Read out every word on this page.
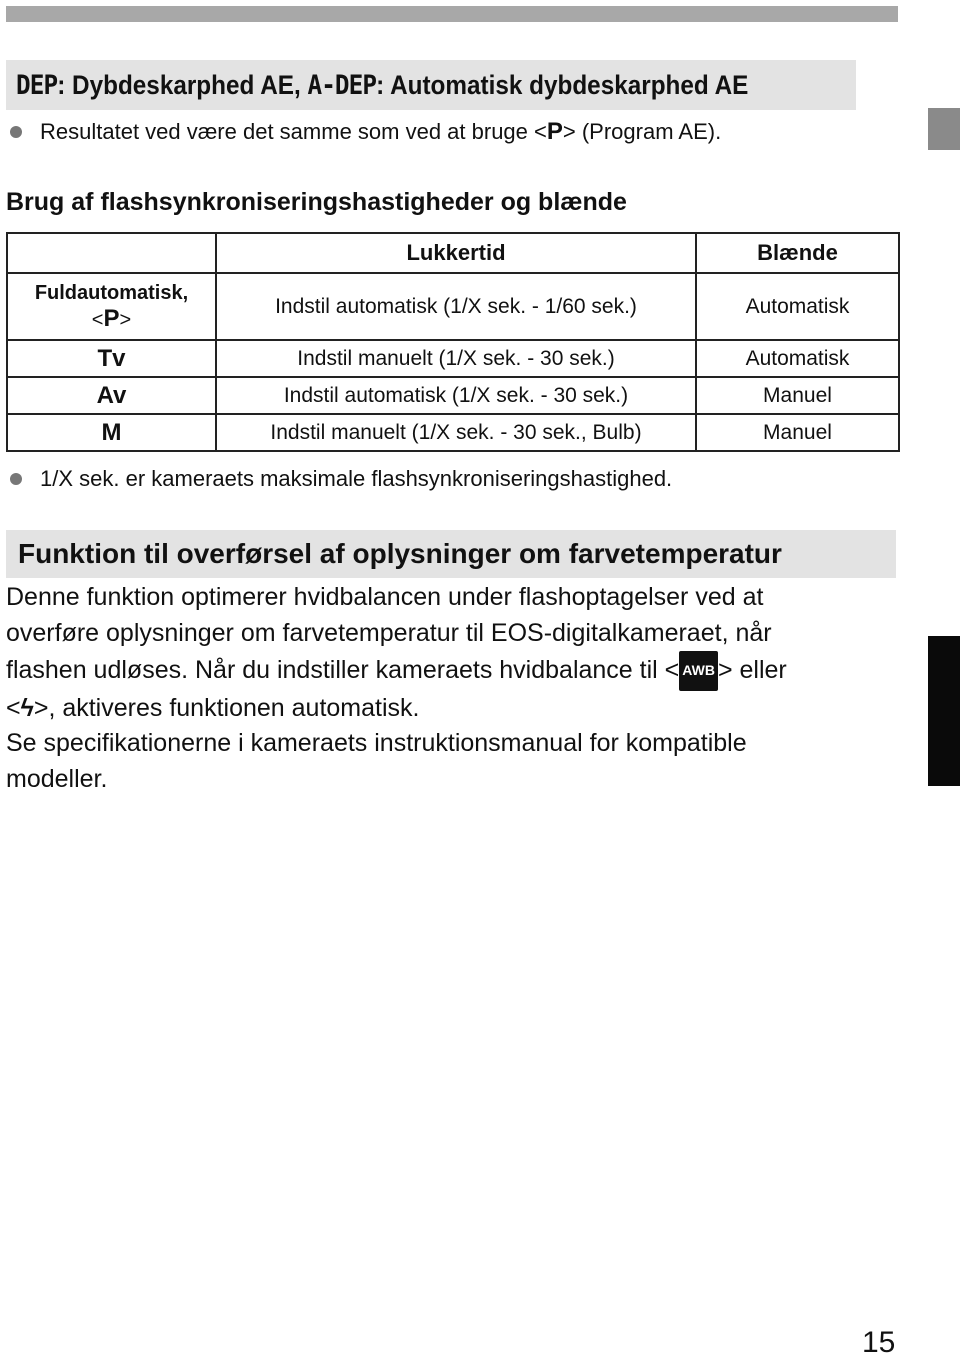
DEP: Dybdeskarphed AE, A-DEP: Automatisk dybdeskarphed AE
Resultatet ved være det samme som ved at bruge < P > (Program AE).
Brug af flashsynkroniseringshastigheder og blænde
	Lukkertid	Blænde
Fuldautomatisk,
<P>	Indstil automatisk (1/X sek. - 1/60 sek.)	Automatisk
Tv	Indstil manuelt (1/X sek. - 30 sek.)	Automatisk
Av	Indstil automatisk (1/X sek. - 30 sek.)	Manuel
M	Indstil manuelt (1/X sek. - 30 sek., Bulb)	Manuel
1/X sek. er kameraets maksimale flashsynkroniseringshastighed.
Funktion til overførsel af oplysninger om farvetemperatur

Denne funktion optimerer hvidbalancen under flashoptagelser ved at

overføre oplysninger om farvetemperatur til EOS-digitalkameraet, når

flashen udløses. Når du indstiller kameraets hvidbalance til < AWB > eller

<ϟ>, aktiveres funktionen automatisk.

Se specifikationerne i kameraets instruktionsmanual for kompatible

modeller.

15
